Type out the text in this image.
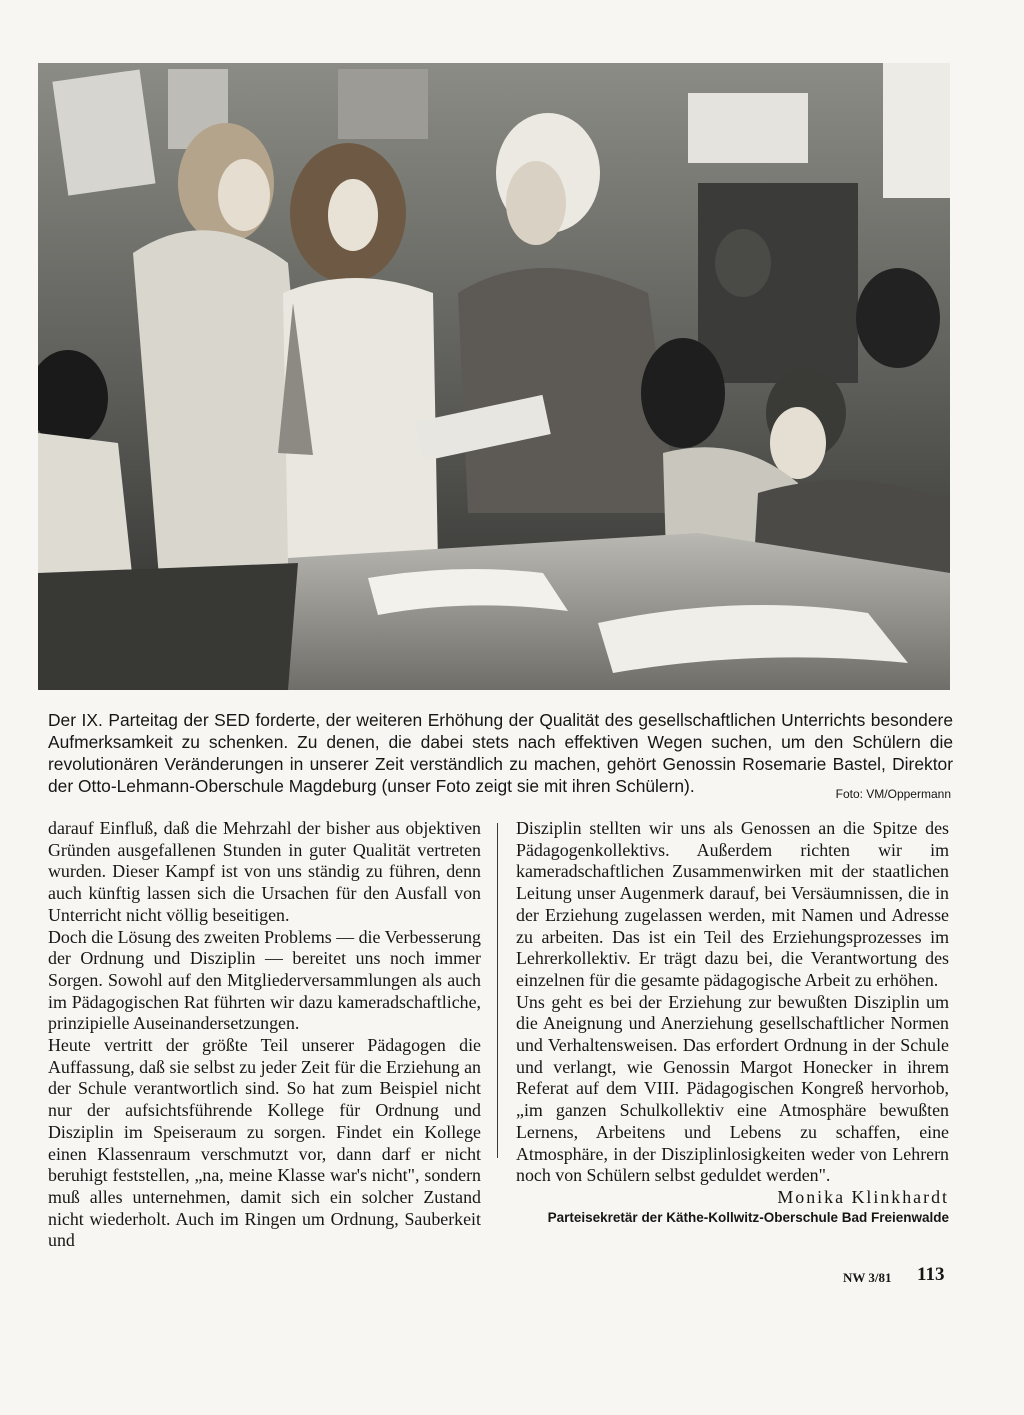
Der IX. Parteitag der SED forderte, der weiteren Erhöhung der Qualität des gesellschaftlichen Unterrichts besondere Aufmerksamkeit zu schenken. Zu denen, die dabei stets nach effektiven Wegen suchen, um den Schülern die revolutionären Veränderungen in unserer Zeit verständlich zu machen, gehört Genossin Rosemarie Bastel, Direktor der Otto-Lehmann-Oberschule Magdeburg (unser Foto zeigt sie mit ihren Schülern).	Foto: VM/Oppermann

darauf Einfluß, daß die Mehrzahl der bisher aus objektiven Gründen ausgefallenen Stunden in guter Qualität vertreten wurden. Dieser Kampf ist von uns ständig zu führen, denn auch künftig lassen sich die Ursachen für den Ausfall von Unterricht nicht völlig beseitigen.

Doch die Lösung des zweiten Problems — die Verbesserung der Ordnung und Disziplin — bereitet uns noch immer Sorgen. Sowohl auf den Mitgliederversammlungen als auch im Pädagogischen Rat führten wir dazu kameradschaftliche, prinzipielle Auseinandersetzungen.

Heute vertritt der größte Teil unserer Pädagogen die Auffassung, daß sie selbst zu jeder Zeit für die Erziehung an der Schule verantwortlich sind. So hat zum Beispiel nicht nur der aufsichtsführende Kollege für Ordnung und Disziplin im Speiseraum zu sorgen. Findet ein Kollege einen Klassenraum verschmutzt vor, dann darf er nicht beruhigt feststellen, „na, meine Klasse war's nicht", sondern muß alles unternehmen, damit sich ein solcher Zustand nicht wiederholt. Auch im Ringen um Ordnung, Sauberkeit und

Disziplin stellten wir uns als Genossen an die Spitze des Pädagogenkollektivs. Außerdem richten wir im kameradschaftlichen Zusammenwirken mit der staatlichen Leitung unser Augenmerk darauf, bei Versäumnissen, die in der Erziehung zugelassen werden, mit Namen und Adresse zu arbeiten. Das ist ein Teil des Erziehungsprozesses im Lehrerkollektiv. Er trägt dazu bei, die Verantwortung des einzelnen für die gesamte pädagogische Arbeit zu erhöhen.

Uns geht es bei der Erziehung zur bewußten Disziplin um die Aneignung und Anerziehung gesellschaftlicher Normen und Verhaltensweisen. Das erfordert Ordnung in der Schule und verlangt, wie Genossin Margot Honecker in ihrem Referat auf dem VIII. Pädagogischen Kongreß hervorhob, „im ganzen Schulkollektiv eine Atmosphäre bewußten Lernens, Arbeitens und Lebens zu schaffen, eine Atmosphäre, in der Disziplinlosigkeiten weder von Lehrern noch von Schülern selbst geduldet werden".

Monika Klinkhardt

Parteisekretär der Käthe-Kollwitz-Oberschule Bad Freienwalde

NW 3/81 113
